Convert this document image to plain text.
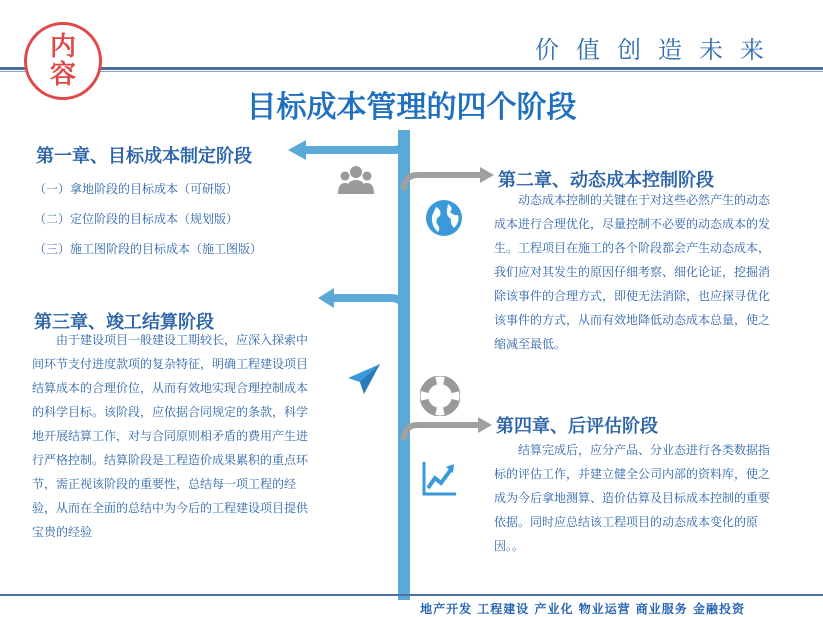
内
容
价值创造未来
目标成本管理的四个阶段
第一章、目标成本制定阶段
（一）拿地阶段的目标成本（可研版）
（二）定位阶段的目标成本（规划版）
（三）施工图阶段的目标成本（施工图版）
第二章、动态成本控制阶段
动态成本控制的关键在于对这些必然产生的动态成本进行合理优化，尽量控制不必要的动态成本的发生。工程项目在施工的各个阶段都会产生动态成本，我们应对其发生的原因仔细考察、细化论证，挖掘消除该事件的合理方式，即使无法消除，也应探寻优化该事件的方式，从而有效地降低动态成本总量，使之缩减至最低。
第三章、竣工结算阶段
由于建设项目一般建设工期较长，应深入探索中间环节支付进度款项的复杂特征，明确工程建设项目结算成本的合理价位，从而有效地实现合理控制成本的科学目标。该阶段，应依据合同规定的条款，科学地开展结算工作，对与合同原则相矛盾的费用产生进行严格控制。结算阶段是工程造价成果累积的重点环节，需正视该阶段的重要性，总结每一项工程的经验，从而在全面的总结中为今后的工程建设项目提供宝贵的经验
第四章、后评估阶段
结算完成后，应分产品、分业态进行各类数据指标的评估工作，并建立健全公司内部的资料库，使之成为今后拿地测算、造价估算及目标成本控制的重要依据。同时应总结该工程项目的动态成本变化的原因。。
地产开发 工程建设 产业化 物业运营 商业服务 金融投资
